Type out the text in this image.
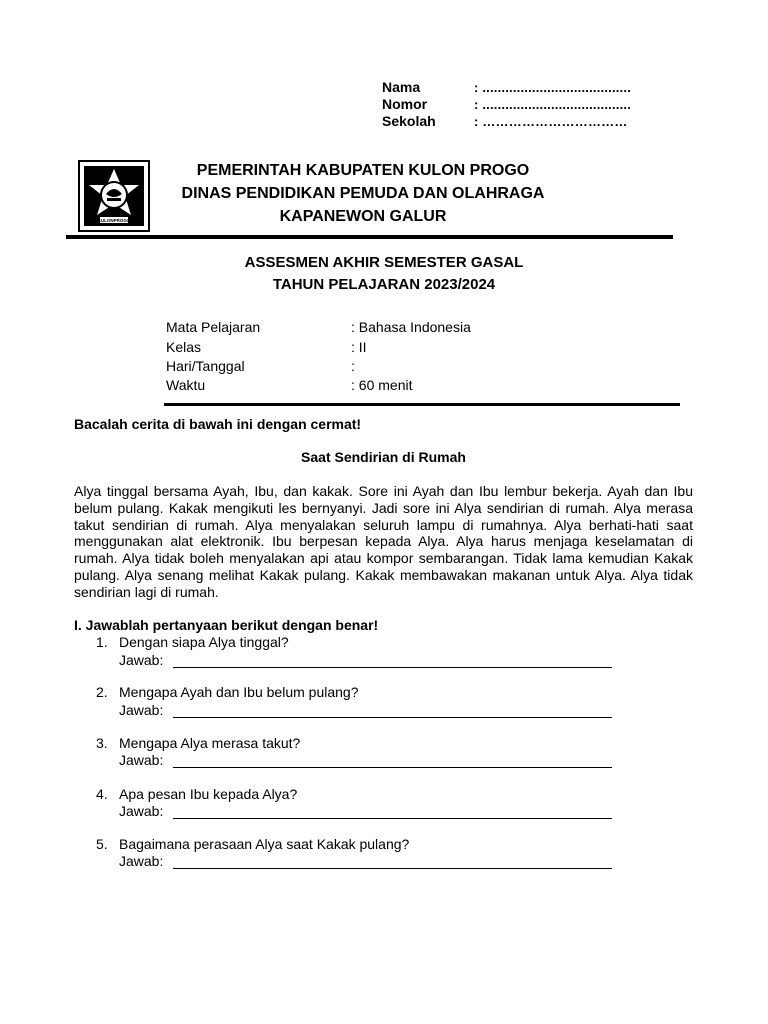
Nama	: .......................................
Nomor	: .......................................
Sekolah	: ……………………………
KULONPROGO
PEMERINTAH KABUPATEN KULON PROGO
DINAS PENDIDIKAN PEMUDA DAN OLAHRAGA
KAPANEWON GALUR
ASSESMEN AKHIR SEMESTER GASAL
TAHUN PELAJARAN 2023/2024
Mata Pelajaran	: Bahasa Indonesia
Kelas	: II
Hari/Tanggal	:
Waktu	: 60 menit
Bacalah cerita di bawah ini dengan cermat!
Saat Sendirian di Rumah

Alya tinggal bersama Ayah, Ibu, dan kakak. Sore ini Ayah dan Ibu lembur bekerja. Ayah dan Ibu belum pulang. Kakak mengikuti les bernyanyi. Jadi sore ini Alya sendirian di rumah. Alya merasa takut sendirian di rumah. Alya menyalakan seluruh lampu di rumahnya. Alya berhati-hati saat menggunakan alat elektronik. Ibu berpesan kepada Alya. Alya harus menjaga keselamatan di rumah. Alya tidak boleh menyalakan api atau kompor sembarangan. Tidak lama kemudian Kakak pulang. Alya senang melihat Kakak pulang. Kakak membawakan makanan untuk Alya. Alya tidak sendirian lagi di rumah.

I. Jawablah pertanyaan berikut dengan benar!
1. Dengan siapa Alya tinggal?
Jawab:
2. Mengapa Ayah dan Ibu belum pulang?
Jawab:
3. Mengapa Alya merasa takut?
Jawab:
4. Apa pesan Ibu kepada Alya?
Jawab:
5. Bagaimana perasaan Alya saat Kakak pulang?
Jawab:
